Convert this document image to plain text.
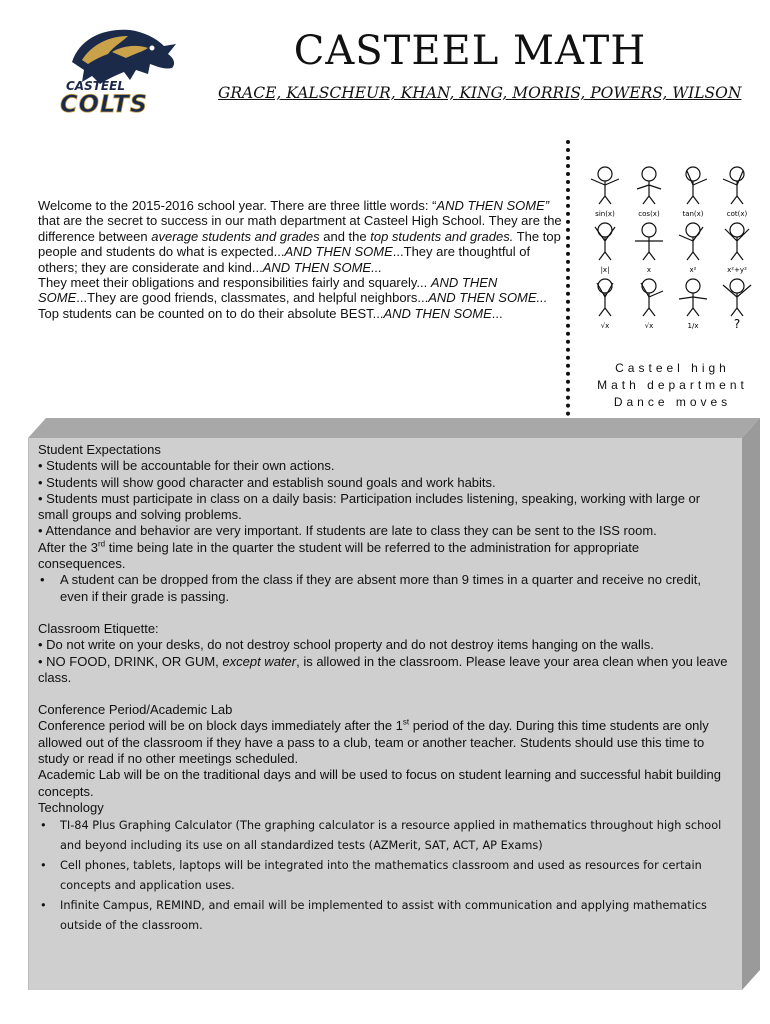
CASTEEL
COLTS
CASTEEL MATH
GRACE, KALSCHEUR, KHAN, KING, MORRIS, POWERS, WILSON
Welcome to the 2015-2016 school year. There are three little words: “AND THEN SOME” that are the secret to success in our math department at Casteel High School. They are the difference between average students and grades and the top students and grades. The top people and students do what is expected...AND THEN SOME...They are thoughtful of others; they are considerate and kind...AND THEN SOME...
They meet their obligations and responsibilities fairly and squarely... AND THEN SOME...They are good friends, classmates, and helpful neighbors...AND THEN SOME...
Top students can be counted on to do their absolute BEST...AND THEN SOME...
sin(x)	cos(x)	tan(x)	cot(x)
|x|	x	x²	x²+y²
√x	√x	1/x	?
Casteel high
Math department
Dance moves

Student Expectations

• Students will be accountable for their own actions.

• Students will show good character and establish sound goals and work habits.

• Students must participate in class on a daily basis: Participation includes listening, speaking, working with large or small groups and solving problems.

• Attendance and behavior are very important. If students are late to class they can be sent to the ISS room.

After the 3rd time being late in the quarter the student will be referred to the administration for appropriate consequences.

• A student can be dropped from the class if they are absent more than 9 times in a quarter and receive no credit, even if their grade is passing.

Classroom Etiquette:

• Do not write on your desks, do not destroy school property and do not destroy items hanging on the walls.

• NO FOOD, DRINK, OR GUM, except water, is allowed in the classroom. Please leave your area clean when you leave class.

Conference Period/Academic Lab

Conference period will be on block days immediately after the 1st period of the day. During this time students are only allowed out of the classroom if they have a pass to a club, team or another teacher. Students should use this time to study or read if no other meetings scheduled.

Academic Lab will be on the traditional days and will be used to focus on student learning and successful habit building concepts.

Technology

• TI-84 Plus Graphing Calculator (The graphing calculator is a resource applied in mathematics throughout high school and beyond including its use on all standardized tests (AZMerit, SAT, ACT, AP Exams)

• Cell phones, tablets, laptops will be integrated into the mathematics classroom and used as resources for certain concepts and application uses.

• Infinite Campus, REMIND, and email will be implemented to assist with communication and applying mathematics outside of the classroom.
